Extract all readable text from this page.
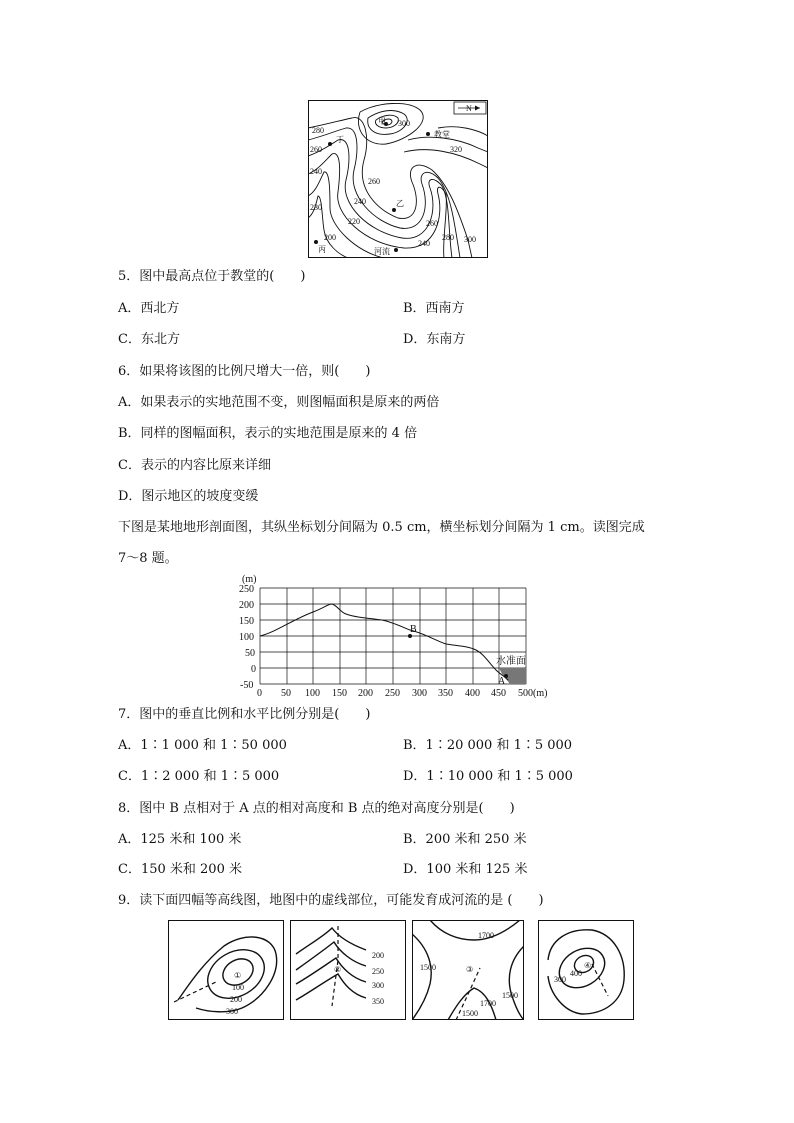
N
教堂
甲
乙
丙
丁
河流
280
260
240
230
200
300
320
260
240
220
240
260
280 300
5．图中最高点位于教堂的(　　)
A．西北方	B．西南方
C．东北方	D．东南方
6．如果将该图的比例尺增大一倍，则(　　)
A．如果表示的实地范围不变，则图幅面积是原来的两倍
B．同样的图幅面积，表示的实地范围是原来的 4 倍
C．表示的内容比原来详细
D．图示地区的坡度变缓
下图是某地地形剖面图，其纵坐标划分间隔为 0.5 cm，横坐标划分间隔为 1 cm。读图完成
7～8 题。
B
A
水准面
(m)
250
200
150
100
50
0
-50
0 50 100 150 200 250 300 350 400 450 500(m)
7．图中的垂直比例和水平比例分别是(　　)
A．1∶1 000 和 1∶50 000	B．1∶20 000 和 1∶5 000
C．1∶2 000 和 1∶5 000	D．1∶10 000 和 1∶5 000
8．图中 B 点相对于 A 点的相对高度和 B 点的绝对高度分别是(　　)
A．125 米和 100 米	B．200 米和 250 米
C．150 米和 200 米	D．100 米和 125 米
9．读下面四幅等高线图，地图中的虚线部位，可能发育成河流的是 (　　)
①
100
200
300
②
200
250
300
350
③
1700
1500
1700
1500
1500
④
400
300
